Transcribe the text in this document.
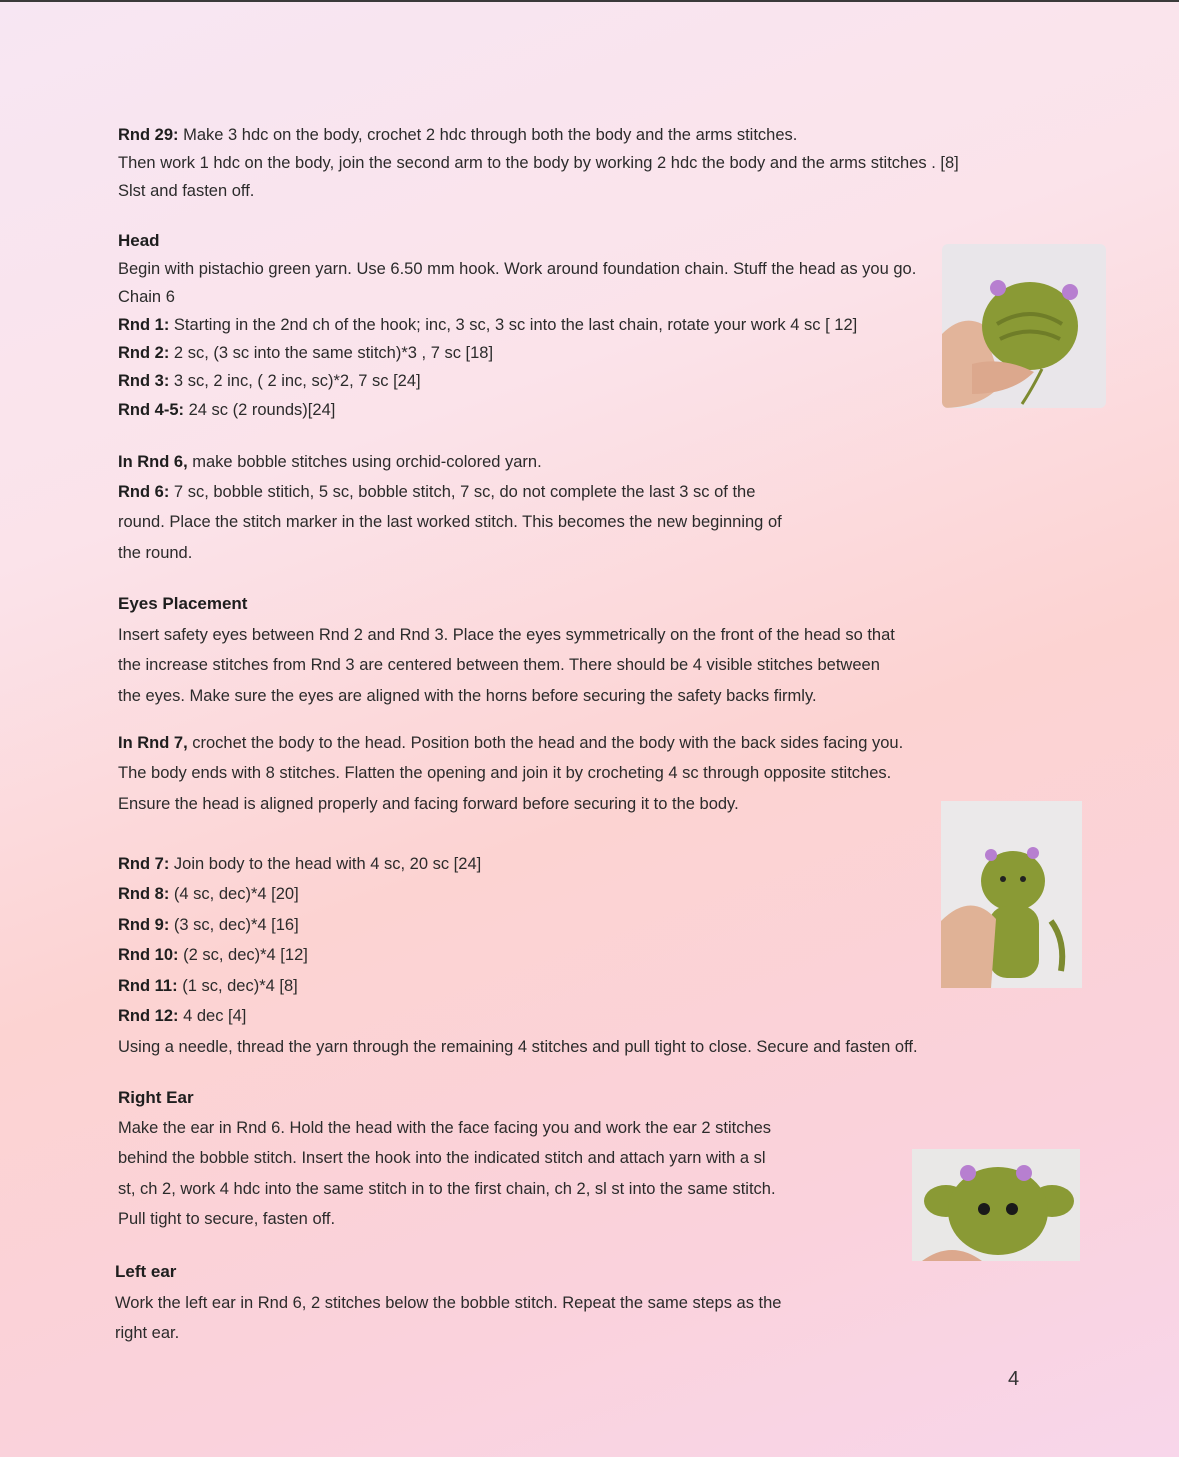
Rnd 29: Make 3 hdc on the body, crochet 2 hdc through both the body and the arms stitches.
Then work 1 hdc on the body, join the second arm to the body by working 2 hdc the body and the arms stitches . [8]
Slst and fasten off.
Head
Begin with pistachio green yarn. Use 6.50 mm hook. Work around foundation chain. Stuff the head as you go.
Chain 6
Rnd 1: Starting in the 2nd ch of the hook; inc, 3 sc, 3 sc into the last chain, rotate your work 4 sc [ 12]
Rnd 2: 2 sc, (3 sc into the same stitch)*3 , 7 sc [18]
Rnd 3: 3 sc, 2 inc, ( 2 inc, sc)*2, 7 sc [24]
Rnd 4-5: 24 sc (2 rounds)[24]
In Rnd 6, make bobble stitches using orchid-colored yarn.
Rnd 6: 7 sc, bobble stitich, 5 sc, bobble stitch, 7 sc, do not complete the last 3 sc of the
round. Place the stitch marker in the last worked stitch. This becomes the new beginning of
the round.
Eyes Placement
Insert safety eyes between Rnd 2 and Rnd 3. Place the eyes symmetrically on the front of the head so that
the increase stitches from Rnd 3 are centered between them. There should be 4 visible stitches between
the eyes. Make sure the eyes are aligned with the horns before securing the safety backs firmly.
In Rnd 7, crochet the body to the head. Position both the head and the body with the back sides facing you.
The body ends with 8 stitches. Flatten the opening and join it by crocheting 4 sc through opposite stitches.
Ensure the head is aligned properly and facing forward before securing it to the body.
Rnd 7: Join body to the head with 4 sc, 20 sc [24]
Rnd 8: (4 sc, dec)*4 [20]
Rnd 9: (3 sc, dec)*4 [16]
Rnd 10: (2 sc, dec)*4 [12]
Rnd 11: (1 sc, dec)*4 [8]
Rnd 12: 4 dec [4]
Using a needle, thread the yarn through the remaining 4 stitches and pull tight to close. Secure and fasten off.
Right Ear
Make the ear in Rnd 6. Hold the head with the face facing you and work the ear 2 stitches
behind the bobble stitch. Insert the hook into the indicated stitch and attach yarn with a sl
st, ch 2, work 4 hdc into the same stitch in to the first chain, ch 2, sl st into the same stitch.
Pull tight to secure, fasten off.
Left ear
Work the left ear in Rnd 6, 2 stitches below the bobble stitch. Repeat the same steps as the
right ear.
4
